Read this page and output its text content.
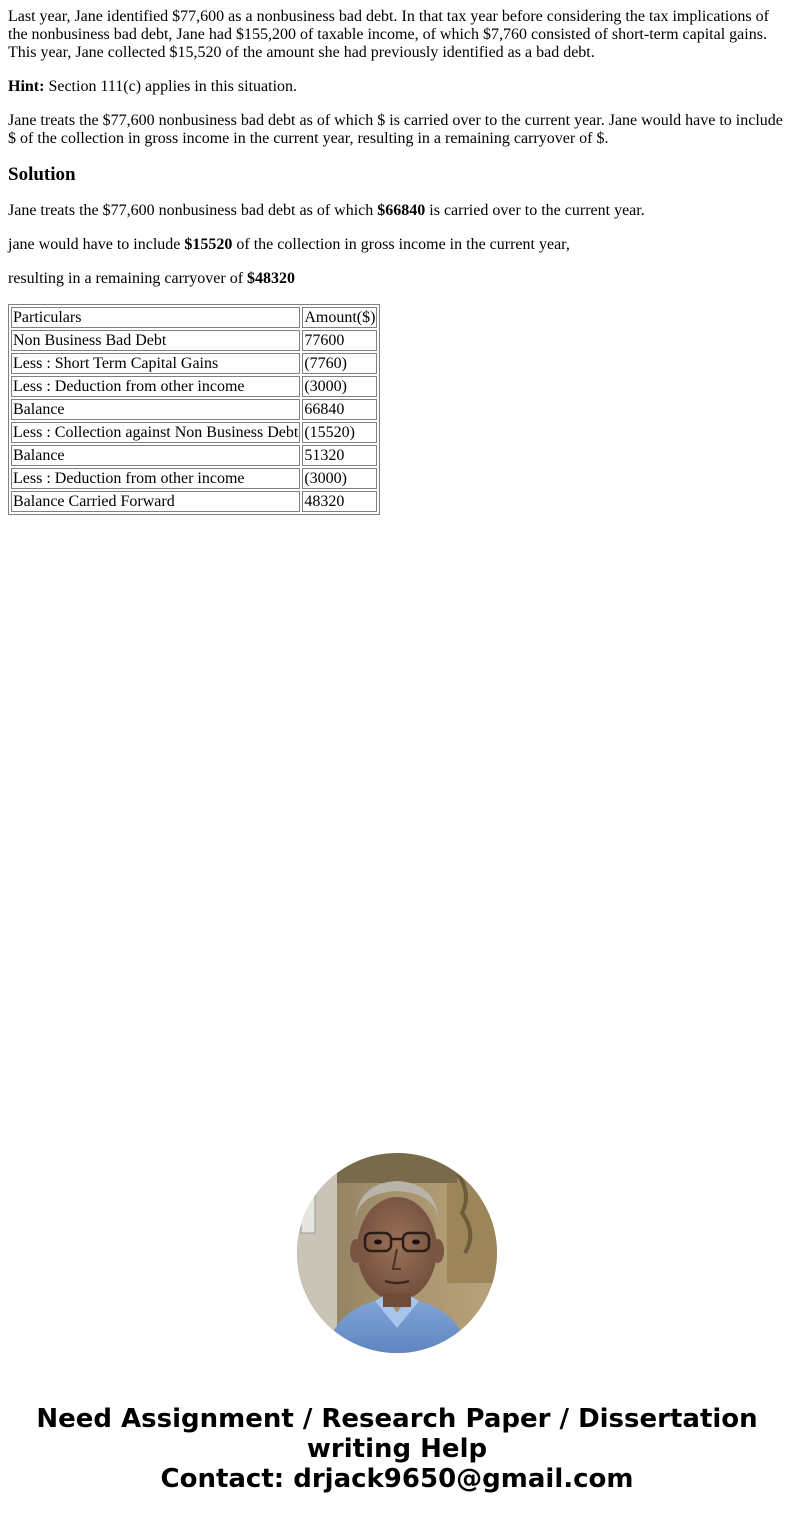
Last year, Jane identified $77,600 as a nonbusiness bad debt. In that tax year before considering the tax implications of the nonbusiness bad debt, Jane had $155,200 of taxable income, of which $7,760 consisted of short-term capital gains. This year, Jane collected $15,520 of the amount she had previously identified as a bad debt.

Hint: Section 111(c) applies in this situation.

Jane treats the $77,600 nonbusiness bad debt as of which $ is carried over to the current year. Jane would have to include $ of the collection in gross income in the current year, resulting in a remaining carryover of $.

Solution

Jane treats the $77,600 nonbusiness bad debt as of which $66840 is carried over to the current year.

jane would have to include $15520 of the collection in gross income in the current year,

resulting in a remaining carryover of $48320

Particulars	Amount($)
Non Business Bad Debt	77600
Less : Short Term Capital Gains	(7760)
Less : Deduction from other income	(3000)
Balance	66840
Less : Collection against Non Business Debt	(15520)
Balance	51320
Less : Deduction from other income	(3000)
Balance Carried Forward	48320
Need Assignment / Research Paper / Dissertation
writing Help
Contact: drjack9650@gmail.com
